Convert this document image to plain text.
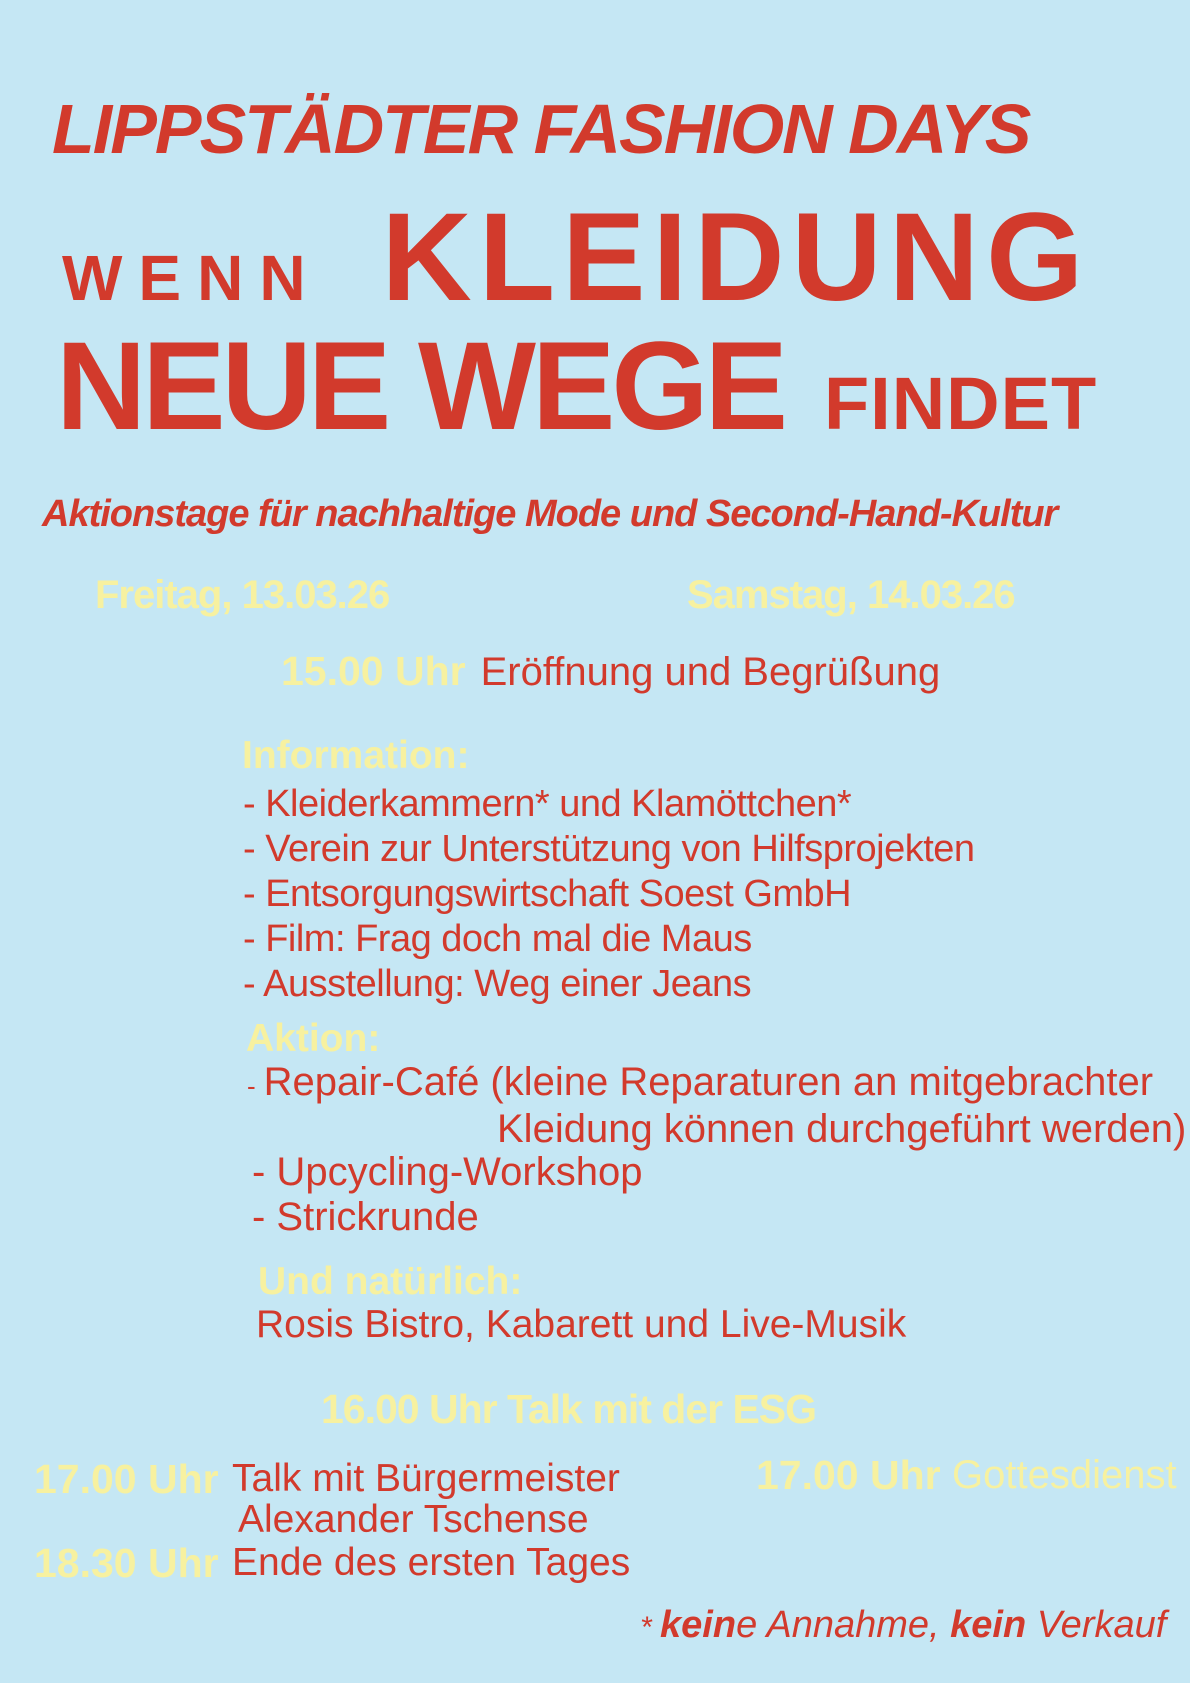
LIPPSTÄDTER FASHION DAYS
WENN KLEIDUNG
NEUE WEGE FINDET
Aktionstage für nachhaltige Mode und Second-Hand-Kultur
Freitag, 13.03.26	Samstag, 14.03.26
15.00 Uhr Eröffnung und Begrüßung
Information:
- Kleiderkammern* und Klamöttchen*
- Verein zur Unterstützung von Hilfsprojekten
- Entsorgungswirtschaft Soest GmbH
- Film: Frag doch mal die Maus
- Ausstellung: Weg einer Jeans
Aktion:
- Repair-Café (kleine Reparaturen an mitgebrachter
Kleidung können durchgeführt werden)
- Upcycling-Workshop
- Strickrunde
Und natürlich:
Rosis Bistro, Kabarett und Live-Musik
16.00 Uhr Talk mit der ESG
17.00 Uhr Talk mit Bürgermeister	17.00 Uhr Gottesdienst
Alexander Tschense
18.30 Uhr Ende des ersten Tages
* keine Annahme, kein Verkauf
